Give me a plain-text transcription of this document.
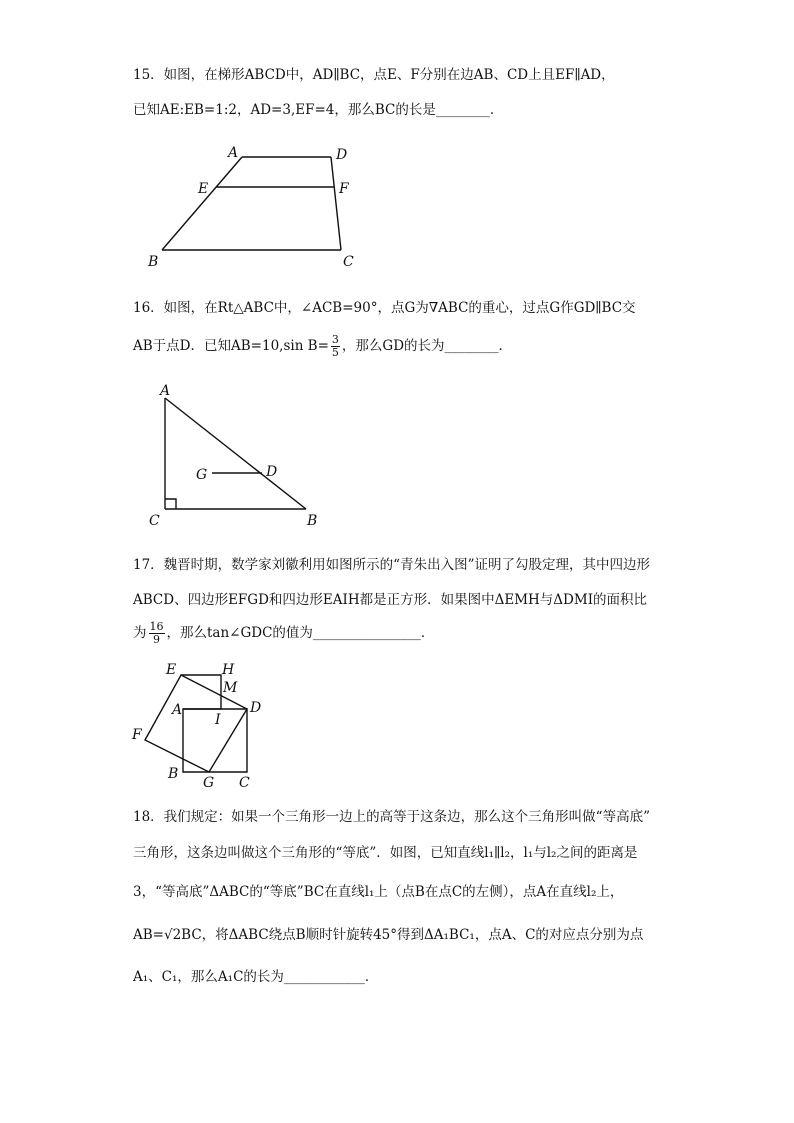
15．如图，在梯形ABCD中，AD∥BC，点E、F分别在边AB、CD上且EF∥AD，
已知AE:EB=1:2，AD=3,EF=4，那么BC的长是________．
A	D
E	F
B	C
16．如图，在Rt△ABC中，∠ACB=90°，点G为∇ABC的重心，过点G作GD∥BC交
AB于点D．已知AB=10,sin $B= \frac{3}{5}$ ，那么GD的长为________．
A
G	D
C	B
17．魏晋时期，数学家刘徽利用如图所示的“青朱出入图”证明了勾股定理，其中四边形
ABCD、四边形EFGD和四边形EAIH都是正方形．如果图中ΔEMH与ΔDMI的面积比
为 $\frac{16}{9}$ ，那么tan∠GDC的值为________________．
E	H
M
A
I
D
F
B
G C
18．我们规定：如果一个三角形一边上的高等于这条边，那么这个三角形叫做“等高底”
三角形，这条边叫做这个三角形的“等底”．如图，已知直线l₁∥l₂，l₁与l₂之间的距离是
3，“等高底”ΔABC的“等底”BC在直线l₁上（点B在点C的左侧），点A在直线l₂上，
AB=√2BC，将ΔABC绕点B顺时针旋转45°得到ΔA₁BC₁，点A、C的对应点分别为点
A₁、C₁，那么A₁C的长为____________．
